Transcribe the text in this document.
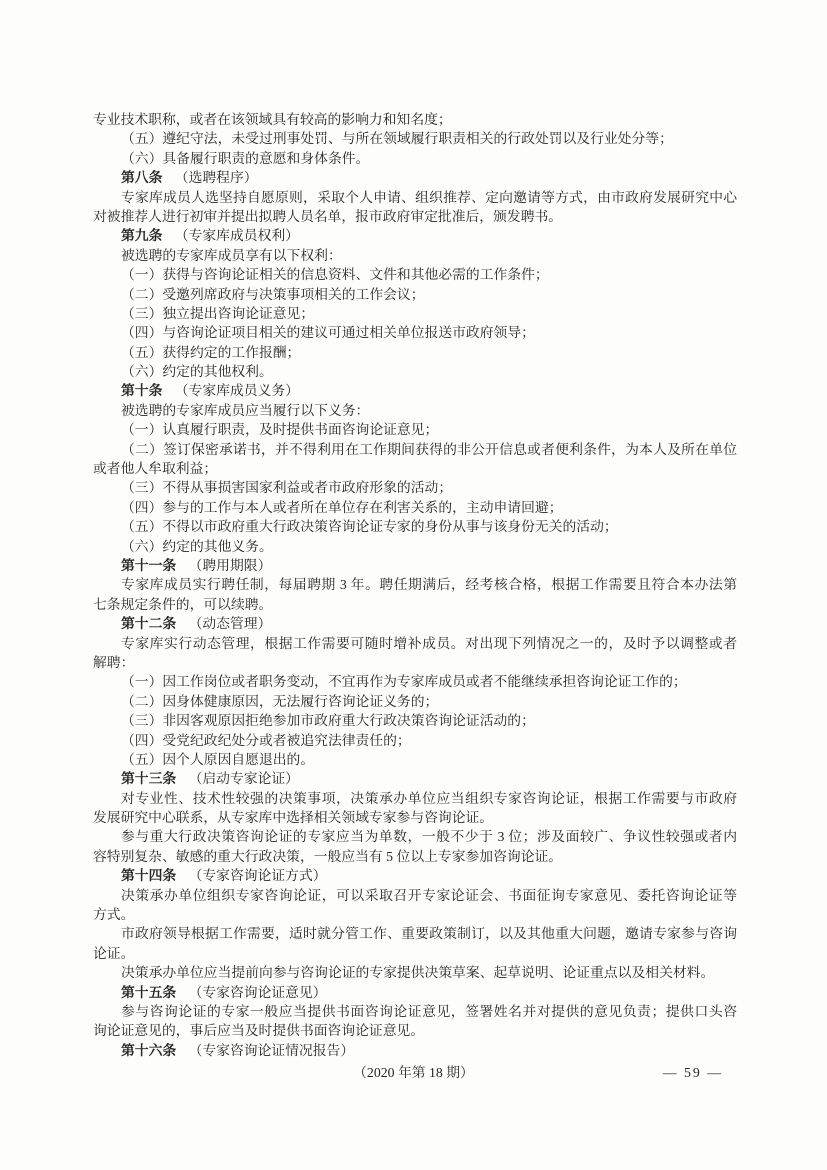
专业技术职称，或者在该领域具有较高的影响力和知名度；
（五）遵纪守法，未受过刑事处罚、与所在领域履行职责相关的行政处罚以及行业处分等；
（六）具备履行职责的意愿和身体条件。
第八条 （选聘程序）
专家库成员人选坚持自愿原则，采取个人申请、组织推荐、定向邀请等方式，由市政府发展研究中心
对被推荐人进行初审并提出拟聘人员名单，报市政府审定批准后，颁发聘书。
第九条 （专家库成员权利）
被选聘的专家库成员享有以下权利：
（一）获得与咨询论证相关的信息资料、文件和其他必需的工作条件；
（二）受邀列席政府与决策事项相关的工作会议；
（三）独立提出咨询论证意见；
（四）与咨询论证项目相关的建议可通过相关单位报送市政府领导；
（五）获得约定的工作报酬；
（六）约定的其他权利。
第十条 （专家库成员义务）
被选聘的专家库成员应当履行以下义务：
（一）认真履行职责，及时提供书面咨询论证意见；
（二）签订保密承诺书，并不得利用在工作期间获得的非公开信息或者便利条件，为本人及所在单位
或者他人牟取利益；
（三）不得从事损害国家利益或者市政府形象的活动；
（四）参与的工作与本人或者所在单位存在利害关系的，主动申请回避；
（五）不得以市政府重大行政决策咨询论证专家的身份从事与该身份无关的活动；
（六）约定的其他义务。
第十一条 （聘用期限）
专家库成员实行聘任制，每届聘期 3 年。聘任期满后，经考核合格，根据工作需要且符合本办法第
七条规定条件的，可以续聘。
第十二条 （动态管理）
专家库实行动态管理，根据工作需要可随时增补成员。对出现下列情况之一的，及时予以调整或者
解聘：
（一）因工作岗位或者职务变动，不宜再作为专家库成员或者不能继续承担咨询论证工作的；
（二）因身体健康原因，无法履行咨询论证义务的；
（三）非因客观原因拒绝参加市政府重大行政决策咨询论证活动的；
（四）受党纪政纪处分或者被追究法律责任的；
（五）因个人原因自愿退出的。
第十三条 （启动专家论证）
对专业性、技术性较强的决策事项，决策承办单位应当组织专家咨询论证，根据工作需要与市政府
发展研究中心联系，从专家库中选择相关领域专家参与咨询论证。
参与重大行政决策咨询论证的专家应当为单数，一般不少于 3 位；涉及面较广、争议性较强或者内
容特别复杂、敏感的重大行政决策，一般应当有 5 位以上专家参加咨询论证。
第十四条 （专家咨询论证方式）
决策承办单位组织专家咨询论证，可以采取召开专家论证会、书面征询专家意见、委托咨询论证等
方式。
市政府领导根据工作需要，适时就分管工作、重要政策制订，以及其他重大问题，邀请专家参与咨询
论证。
决策承办单位应当提前向参与咨询论证的专家提供决策草案、起草说明、论证重点以及相关材料。
第十五条 （专家咨询论证意见）
参与咨询论证的专家一般应当提供书面咨询论证意见，签署姓名并对提供的意见负责；提供口头咨
询论证意见的，事后应当及时提供书面咨询论证意见。
第十六条 （专家咨询论证情况报告）
（2020 年第 18 期）	— 59 —
